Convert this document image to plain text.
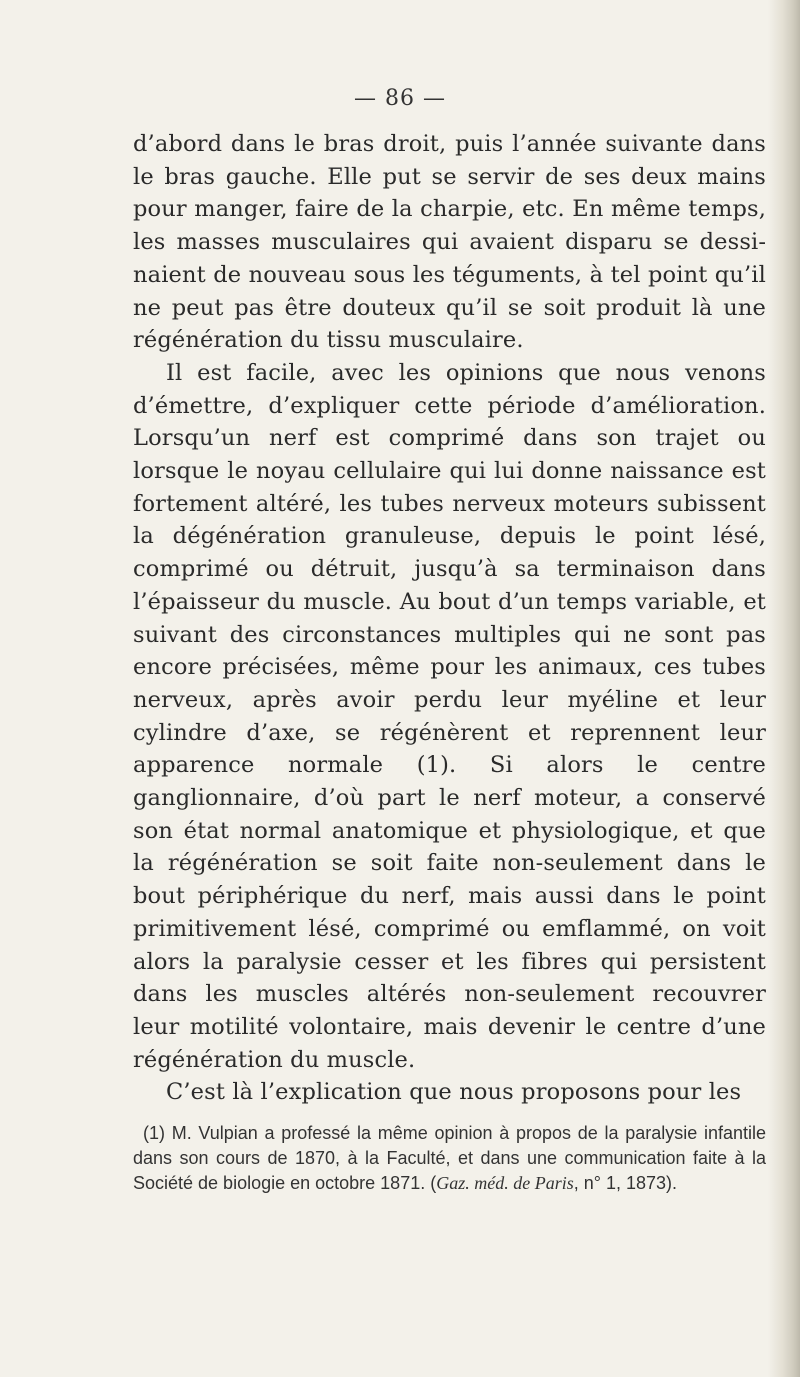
— 86 —

d’abord dans le bras droit, puis l’année suivante dans le bras gauche. Elle put se servir de ses deux mains pour manger, faire de la charpie, etc. En même temps, les masses musculaires qui avaient disparu se dessinaient de nouveau sous les téguments, à tel point qu’il ne peut pas être douteux qu’il se soit produit là une régénération du tissu musculaire.

Il est facile, avec les opinions que nous venons d’émettre, d’expliquer cette période d’amélioration. Lorsqu’un nerf est comprimé dans son trajet ou lorsque le noyau cellulaire qui lui donne naissance est fortement altéré, les tubes nerveux moteurs subissent la dégénération granuleuse, depuis le point lésé, comprimé ou détruit, jusqu’à sa terminaison dans l’épaisseur du muscle. Au bout d’un temps variable, et suivant des circonstances multiples qui ne sont pas encore précisées, même pour les animaux, ces tubes nerveux, après avoir perdu leur myéline et leur cylindre d’axe, se régénèrent et reprennent leur apparence normale (1). Si alors le centre ganglionnaire, d’où part le nerf moteur, a conservé son état normal anatomique et physiologique, et que la régénération se soit faite non-seulement dans le bout périphérique du nerf, mais aussi dans le point primitivement lésé, comprimé ou emflammé, on voit alors la paralysie cesser et les fibres qui persistent dans les muscles altérés non-seulement recouvrer leur motilité volontaire, mais devenir le centre d’une régénération du muscle.

C’est là l’explication que nous proposons pour les

(1) M. Vulpian a professé la même opinion à propos de la paralysie infantile dans son cours de 1870, à la Faculté, et dans une communication faite à la Société de biologie en octobre 1871. (Gaz. méd. de Paris, n° 1, 1873).
